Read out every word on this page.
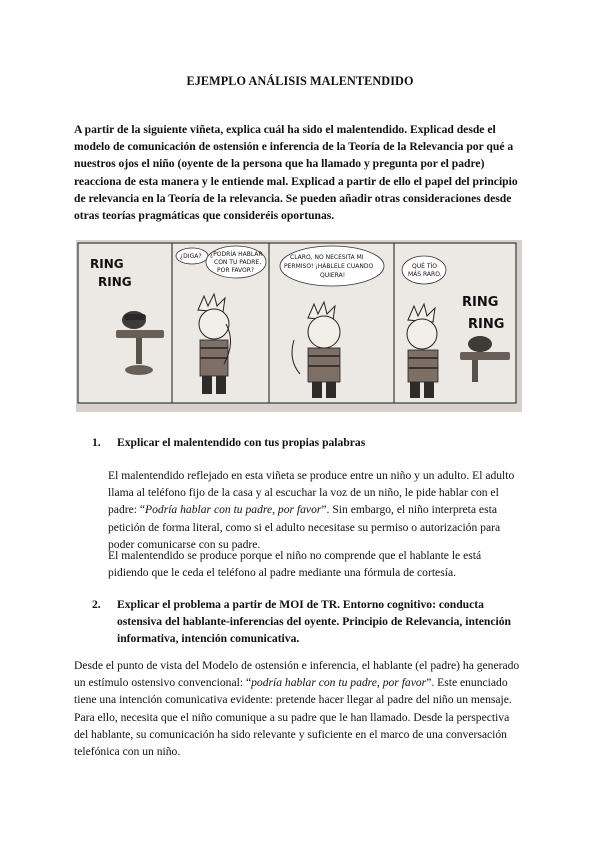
EJEMPLO ANÁLISIS MALENTENDIDO
A partir de la siguiente viñeta, explica cuál ha sido el malentendido. Explicad desde el modelo de comunicación de ostensión e inferencia de la Teoría de la Relevancia por qué a nuestros ojos el niño (oyente de la persona que ha llamado y pregunta por el padre) reacciona de esta manera y le entiende mal. Explicad a partir de ello el papel del principio de relevancia en la Teoría de la relevancia. Se pueden añadir otras consideraciones desde otras teorías pragmáticas que consideréis oportunas.
RING
RING
¿DIGA? ¿PODRÍA HABLAR
CON TU PADRE,
POR FAVOR?
CLARO, NO NECESITA MI
PERMISO! ¡HÁBLELE CUANDO
QUIERA!
QUÉ TÍO
MÁS RARO.
RING
RING
1. Explicar el malentendido con tus propias palabras
El malentendido reflejado en esta viñeta se produce entre un niño y un adulto. El adulto llama al teléfono fijo de la casa y al escuchar la voz de un niño, le pide hablar con el padre: “Podría hablar con tu padre, por favor”. Sin embargo, el niño interpreta esta petición de forma literal, como si el adulto necesitase su permiso o autorización para poder comunicarse con su padre.
El malentendido se produce porque el niño no comprende que el hablante le está pidiendo que le ceda el teléfono al padre mediante una fórmula de cortesía.
2. Explicar el problema a partir de MOI de TR. Entorno cognitivo: conducta ostensiva del hablante-inferencias del oyente. Principio de Relevancia, intención informativa, intención comunicativa.
Desde el punto de vista del Modelo de ostensión e inferencia, el hablante (el padre) ha generado un estímulo ostensivo convencional: “podría hablar con tu padre, por favor”. Este enunciado tiene una intención comunicativa evidente: pretende hacer llegar al padre del niño un mensaje. Para ello, necesita que el niño comunique a su padre que le han llamado. Desde la perspectiva del hablante, su comunicación ha sido relevante y suficiente en el marco de una conversación telefónica con un niño.
